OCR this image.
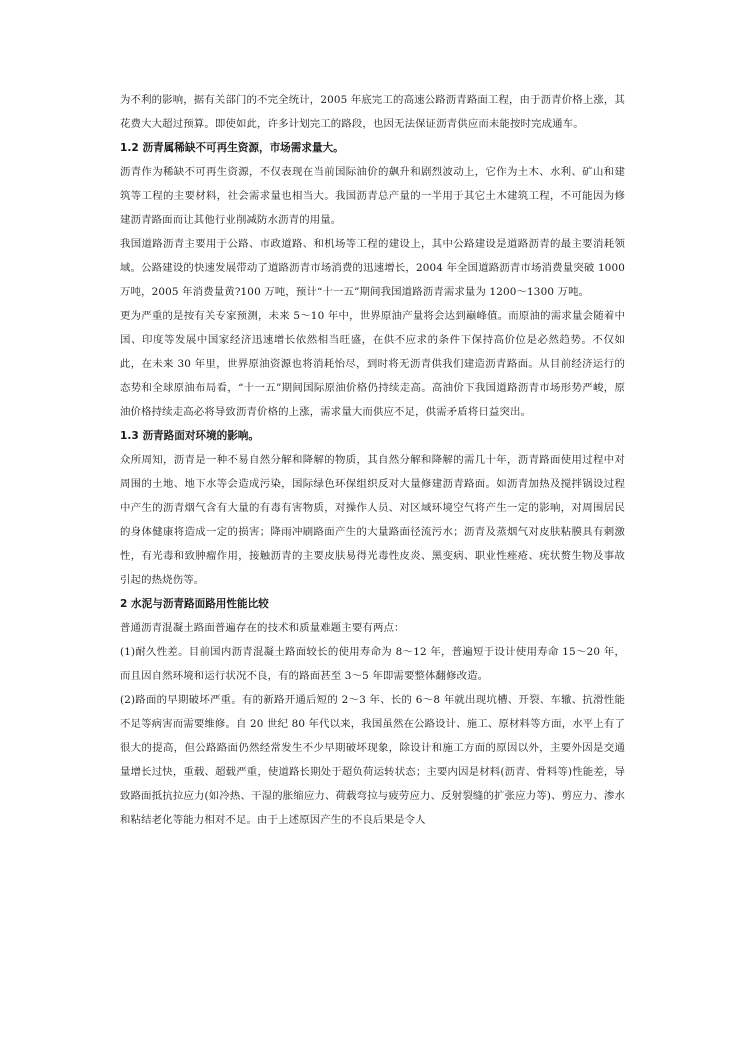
为不利的影响，据有关部门的不完全统计，2005 年底完工的高速公路沥青路面工程，由于沥青价格上涨，其花费大大超过预算。即使如此，许多计划完工的路段，也因无法保证沥青供应而未能按时完成通车。

1.2 沥青属稀缺不可再生资源，市场需求量大。

沥青作为稀缺不可再生资源，不仅表现在当前国际油价的飙升和剧烈波动上，它作为土木、水利、矿山和建筑等工程的主要材料，社会需求量也相当大。我国沥青总产量的一半用于其它土木建筑工程，不可能因为修建沥青路面而让其他行业削减防水沥青的用量。

我国道路沥青主要用于公路、市政道路、和机场等工程的建设上，其中公路建设是道路沥青的最主要消耗领域。公路建设的快速发展带动了道路沥青市场消费的迅速增长，2004 年全国道路沥青市场消费量突破 1000 万吨，2005 年消费量黄?100 万吨，预计“十一五”期间我国道路沥青需求量为 1200～1300 万吨。

更为严重的是按有关专家预测，未来 5～10 年中，世界原油产量将会达到巅峰值。而原油的需求量会随着中国、印度等发展中国家经济迅速增长依然相当旺盛，在供不应求的条件下保持高价位是必然趋势。不仅如此，在未来 30 年里，世界原油资源也将消耗怡尽，到时将无沥青供我们建造沥青路面。从目前经济运行的态势和全球原油布局看，“十一五”期间国际原油价格仍持续走高。高油价下我国道路沥青市场形势严峻，原油价格持续走高必将导致沥青价格的上涨，需求量大而供应不足，供需矛盾将日益突出。

1.3 沥青路面对环境的影响。

众所周知，沥青是一种不易自然分解和降解的物质，其自然分解和降解的需几十年，沥青路面使用过程中对周围的土地、地下水等会造成污染，国际绿色环保组织反对大量修建沥青路面。如沥青加热及搅拌锅设过程中产生的沥青烟气含有大量的有毒有害物质，对操作人员、对区域环境空气将产生一定的影响，对周围居民的身体健康将造成一定的损害；降雨冲刷路面产生的大量路面径流污水；沥青及蒸烟气对皮肤粘膜具有刺激性，有光毒和致肿瘤作用，接触沥青的主要皮肤易得光毒性皮炎、黑变病、职业性痤疮、疣状赘生物及事故引起的热烧伤等。

2 水泥与沥青路面路用性能比较

普通沥青混凝土路面普遍存在的技术和质量难题主要有两点：

(1)耐久性差。目前国内沥青混凝土路面较长的使用寿命为 8～12 年，普遍短于设计使用寿命 15～20 年，而且因自然环境和运行状况不良，有的路面甚至 3～5 年即需要整体翻修改造。

(2)路面的早期破坏严重。有的新路开通后短的 2～3 年、长的 6～8 年就出现坑槽、开裂、车辙、抗滑性能不足等病害而需要维修。自 20 世纪 80 年代以来，我国虽然在公路设计、施工、原材料等方面，水平上有了很大的提高，但公路路面仍然经常发生不少早期破坏现象，除设计和施工方面的原因以外，主要外因是交通量增长过快，重载、超载严重，使道路长期处于超负荷运转状态；主要内因是材料(沥青、骨料等)性能差，导致路面抵抗拉应力(如冷热、干湿的胀缩应力、荷载弯拉与疲劳应力、反射裂缝的扩张应力等)、剪应力、渗水和粘结老化等能力相对不足。由于上述原因产生的不良后果是令人
